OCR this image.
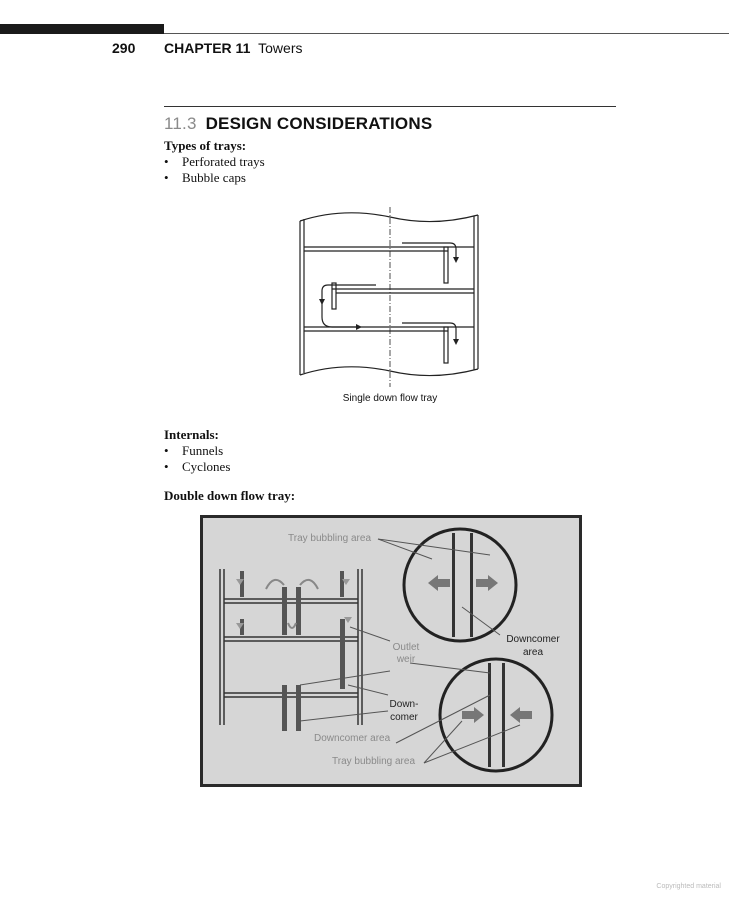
290 CHAPTER 11 Towers
11.3 DESIGN CONSIDERATIONS
Types of trays:
• Perforated trays
• Bubble caps
Single down flow tray
Internals:
• Funnels
• Cyclones
Double down flow tray:
Tray bubbling area
Outlet
weir
Downcomer
area
Down-
comer
Downcomer area
Tray bubbling area
Copyrighted material
